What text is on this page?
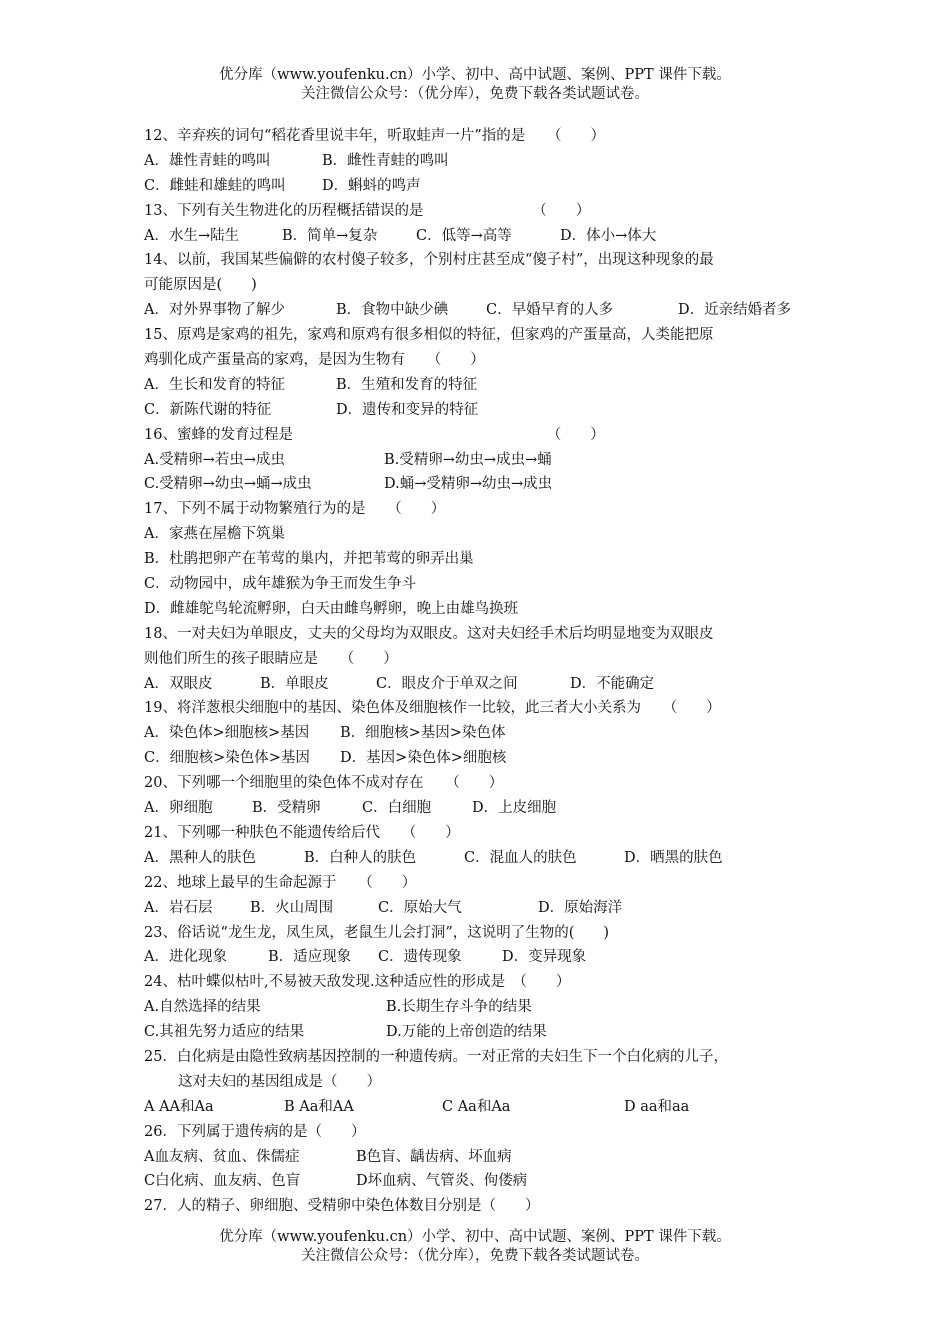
优分库（www.youfenku.cn）小学、初中、高中试题、案例、PPT 课件下载。
关注微信公众号：（优分库），免费下载各类试题试卷。
12、辛弃疾的词句“稻花香里说丰年，听取蛙声一片”指的是　　（　　）
A．雄性青蛙的鸣叫	B．雌性青蛙的鸣叫
C．雌蛙和雄蛙的鸣叫	D．蝌蚪的鸣声
13、下列有关生物进化的历程概括错误的是　　　　　　　　（　　）
A．水生→陆生	B．简单→复杂	C．低等→高等	D．体小→体大
14、以前，我国某些偏僻的农村傻子较多，个别村庄甚至成“傻子村”，出现这种现象的最
可能原因是(　　)
A．对外界事物了解少	B．食物中缺少碘	C．早婚早育的人多	D．近亲结婚者多
15、原鸡是家鸡的祖先，家鸡和原鸡有很多相似的特征，但家鸡的产蛋量高，人类能把原
鸡驯化成产蛋量高的家鸡，是因为生物有　　（　　）
A．生长和发育的特征	B．生殖和发育的特征
C．新陈代谢的特征	D．遗传和变异的特征
16、蜜蜂的发育过程是　　　　　　　　　　　　　　　　　　（　　）
A.受精卵→若虫→成虫	B.受精卵→幼虫→成虫→蛹
C.受精卵→幼虫→蛹→成虫	D.蛹→受精卵→幼虫→成虫
17、下列不属于动物繁殖行为的是　　（　　）
A．家燕在屋檐下筑巢
B．杜鹃把卵产在苇莺的巢内，并把苇莺的卵弄出巢
C．动物园中，成年雄猴为争王而发生争斗
D．雌雄鸵鸟轮流孵卵，白天由雌鸟孵卵，晚上由雄鸟换班
18、一对夫妇为单眼皮，丈夫的父母均为双眼皮。这对夫妇经手术后均明显地变为双眼皮
则他们所生的孩子眼睛应是　　（　　）
A．双眼皮	B．单眼皮	C．眼皮介于单双之间	D．不能确定
19、将洋葱根尖细胞中的基因、染色体及细胞核作一比较，此三者大小关系为　　（　　）
A．染色体>细胞核>基因	B．细胞核>基因>染色体
C．细胞核>染色体>基因	D．基因>染色体>细胞核
20、下列哪一个细胞里的染色体不成对存在　　（　　）
A．卵细胞	B．受精卵	C．白细胞	D．上皮细胞
21、下列哪一种肤色不能遗传给后代　　（　　）
A．黑种人的肤色	B．白种人的肤色	C．混血人的肤色	D．晒黑的肤色
22、地球上最早的生命起源于　　（　　）
A．岩石层	B．火山周围	C．原始大气	D．原始海洋
23、俗话说“龙生龙，凤生凤，老鼠生儿会打洞”，这说明了生物的(　　)
A．进化现象	B．适应现象	C．遗传现象	D．变异现象
24、枯叶蝶似枯叶,不易被天敌发现.这种适应性的形成是　（　　）
A.自然选择的结果	B.长期生存斗争的结果
C.其祖先努力适应的结果	D.万能的上帝创造的结果
25．白化病是由隐性致病基因控制的一种遗传病。一对正常的夫妇生下一个白化病的儿子，
这对夫妇的基因组成是（　　）
A AA和Aa	B Aa和AA	C Aa和Aa	D aa和aa
26．下列属于遗传病的是（　　）
A血友病、贫血、侏儒症	B色盲、龋齿病、坏血病
C白化病、血友病、色盲	D坏血病、气管炎、佝偻病
27．人的精子、卵细胞、受精卵中染色体数目分别是（　　）
优分库（www.youfenku.cn）小学、初中、高中试题、案例、PPT 课件下载。
关注微信公众号：（优分库），免费下载各类试题试卷。
